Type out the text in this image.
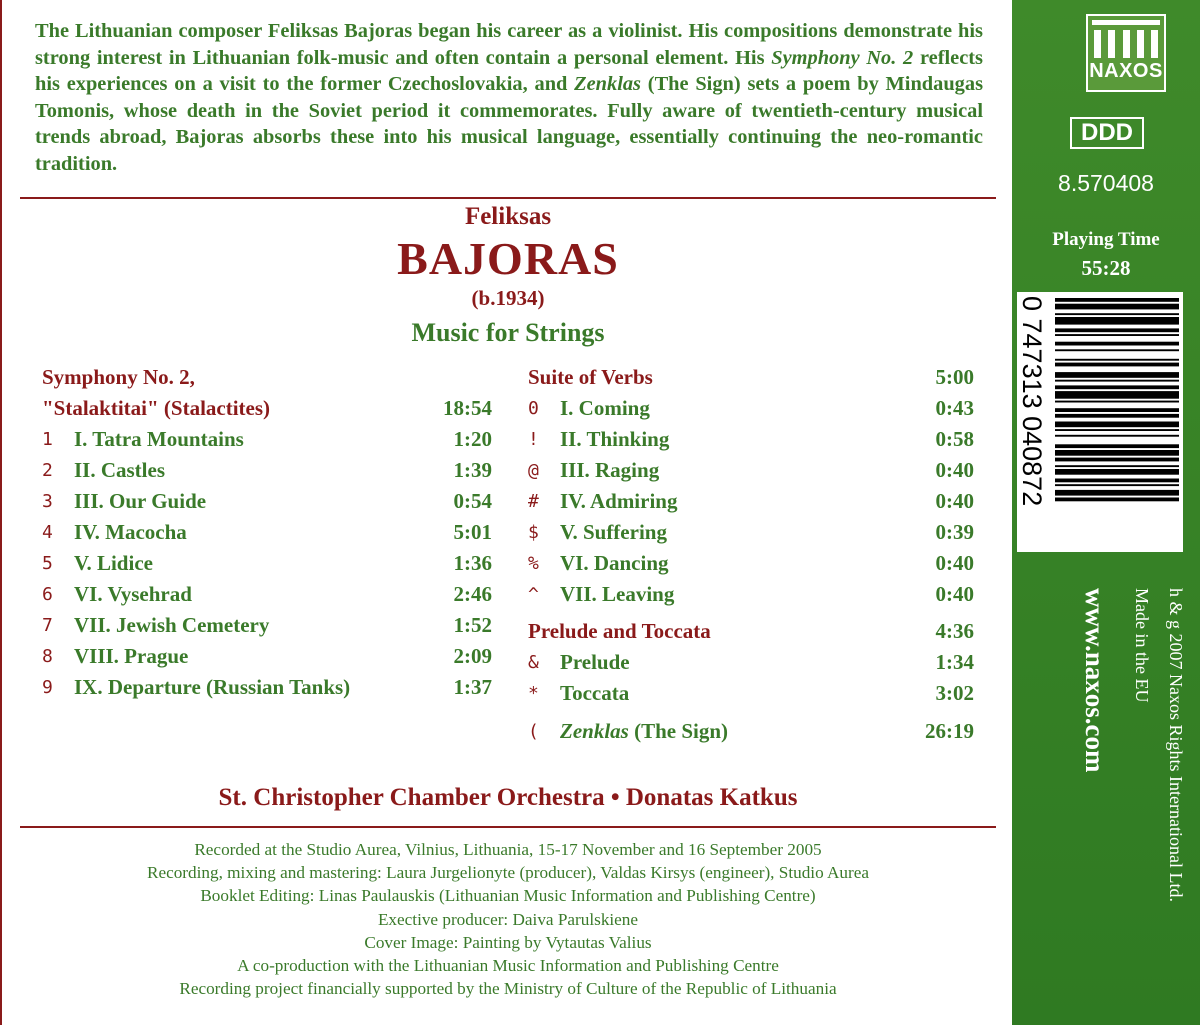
The Lithuanian composer Feliksas Bajoras began his career as a violinist. His compositions demonstrate his strong interest in Lithuanian folk-music and often contain a personal element. His Symphony No. 2 reflects his experiences on a visit to the former Czechoslovakia, and Zenklas (The Sign) sets a poem by Mindaugas Tomonis, whose death in the Soviet period it commemorates. Fully aware of twentieth-century musical trends abroad, Bajoras absorbs these into his musical language, essentially continuing the neo-romantic tradition.
Feliksas
BAJORAS
(b.1934)
Music for Strings
Symphony No. 2,
"Stalaktitai" (Stalactites)	18:54
1	I. Tatra Mountains	1:20
2	II. Castles	1:39
3	III. Our Guide	0:54
4	IV. Macocha	5:01
5	V. Lidice	1:36
6	VI. Vysehrad	2:46
7	VII. Jewish Cemetery	1:52
8	VIII. Prague	2:09
9	IX. Departure (Russian Tanks)	1:37
Suite of Verbs	5:00
0	I. Coming	0:43
!	II. Thinking	0:58
@	III. Raging	0:40
#	IV. Admiring	0:40
$	V. Suffering	0:39
%	VI. Dancing	0:40
^	VII. Leaving	0:40
Prelude and Toccata	4:36
&	Prelude	1:34
*	Toccata	3:02
(	Zenklas (The Sign)	26:19
St. Christopher Chamber Orchestra • Donatas Katkus
Recorded at the Studio Aurea, Vilnius, Lithuania, 15-17 November and 16 September 2005
Recording, mixing and mastering: Laura Jurgelionyte (producer), Valdas Kirsys (engineer), Studio Aurea
Booklet Editing: Linas Paulauskis (Lithuanian Music Information and Publishing Centre)
Exective producer: Daiva Parulskiene
Cover Image: Painting by Vytautas Valius
A co-production with the Lithuanian Music Information and Publishing Centre
Recording project financially supported by the Ministry of Culture of the Republic of Lithuania
NAXOS
DDD
8.570408
Playing Time
55:28
0 747313 040872
www.naxos.com Made in the EU h & g 2007 Naxos Rights International Ltd.
